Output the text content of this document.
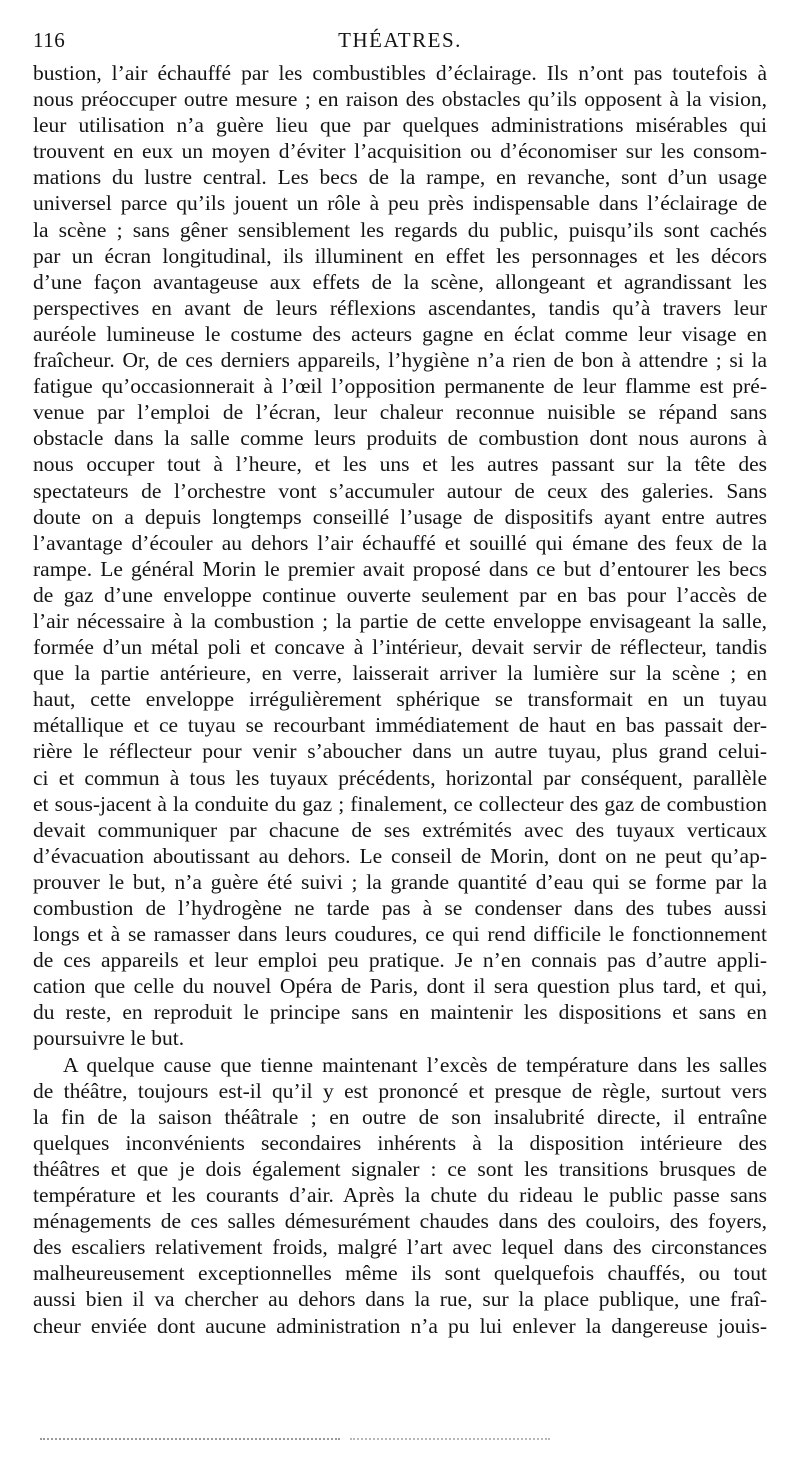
116	THÉATRES.
bustion, l’air échauffé par les combustibles d’éclairage. Ils n’ont pas toutefois à
nous préoccuper outre mesure ; en raison des obstacles qu’ils opposent à la vision,
leur utilisation n’a guère lieu que par quelques administrations misérables qui
trouvent en eux un moyen d’éviter l’acquisition ou d’économiser sur les consom-
mations du lustre central. Les becs de la rampe, en revanche, sont d’un usage
universel parce qu’ils jouent un rôle à peu près indispensable dans l’éclairage de
la scène ; sans gêner sensiblement les regards du public, puisqu’ils sont cachés
par un écran longitudinal, ils illuminent en effet les personnages et les décors
d’une façon avantageuse aux effets de la scène, allongeant et agrandissant les
perspectives en avant de leurs réflexions ascendantes, tandis qu’à travers leur
auréole lumineuse le costume des acteurs gagne en éclat comme leur visage en
fraîcheur. Or, de ces derniers appareils, l’hygiène n’a rien de bon à attendre ; si la
fatigue qu’occasionnerait à l’œil l’opposition permanente de leur flamme est pré-
venue par l’emploi de l’écran, leur chaleur reconnue nuisible se répand sans
obstacle dans la salle comme leurs produits de combustion dont nous aurons à
nous occuper tout à l’heure, et les uns et les autres passant sur la tête des
spectateurs de l’orchestre vont s’accumuler autour de ceux des galeries. Sans
doute on a depuis longtemps conseillé l’usage de dispositifs ayant entre autres
l’avantage d’écouler au dehors l’air échauffé et souillé qui émane des feux de la
rampe. Le général Morin le premier avait proposé dans ce but d’entourer les becs
de gaz d’une enveloppe continue ouverte seulement par en bas pour l’accès de
l’air nécessaire à la combustion ; la partie de cette enveloppe envisageant la salle,
formée d’un métal poli et concave à l’intérieur, devait servir de réflecteur, tandis
que la partie antérieure, en verre, laisserait arriver la lumière sur la scène ; en
haut, cette enveloppe irrégulièrement sphérique se transformait en un tuyau
métallique et ce tuyau se recourbant immédiatement de haut en bas passait der-
rière le réflecteur pour venir s’aboucher dans un autre tuyau, plus grand celui-
ci et commun à tous les tuyaux précédents, horizontal par conséquent, parallèle
et sous-jacent à la conduite du gaz ; finalement, ce collecteur des gaz de combustion
devait communiquer par chacune de ses extrémités avec des tuyaux verticaux
d’évacuation aboutissant au dehors. Le conseil de Morin, dont on ne peut qu’ap-
prouver le but, n’a guère été suivi ; la grande quantité d’eau qui se forme par la
combustion de l’hydrogène ne tarde pas à se condenser dans des tubes aussi
longs et à se ramasser dans leurs coudures, ce qui rend difficile le fonctionnement
de ces appareils et leur emploi peu pratique. Je n’en connais pas d’autre appli-
cation que celle du nouvel Opéra de Paris, dont il sera question plus tard, et qui,
du reste, en reproduit le principe sans en maintenir les dispositions et sans en
poursuivre le but.
A quelque cause que tienne maintenant l’excès de température dans les salles
de théâtre, toujours est-il qu’il y est prononcé et presque de règle, surtout vers
la fin de la saison théâtrale ; en outre de son insalubrité directe, il entraîne
quelques inconvénients secondaires inhérents à la disposition intérieure des
théâtres et que je dois également signaler : ce sont les transitions brusques de
température et les courants d’air. Après la chute du rideau le public passe sans
ménagements de ces salles démesurément chaudes dans des couloirs, des foyers,
des escaliers relativement froids, malgré l’art avec lequel dans des circonstances
malheureusement exceptionnelles même ils sont quelquefois chauffés, ou tout
aussi bien il va chercher au dehors dans la rue, sur la place publique, une fraî-
cheur enviée dont aucune administration n’a pu lui enlever la dangereuse jouis-
